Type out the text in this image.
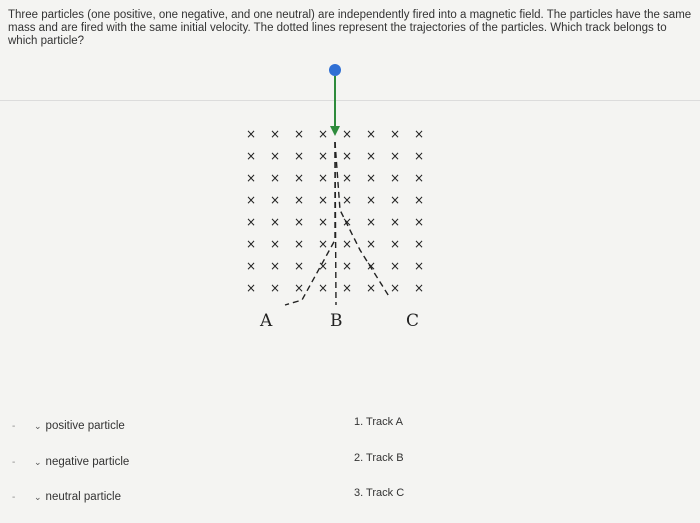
Three particles (one positive, one negative, and one neutral) are independently fired into a magnetic field. The particles have the same mass and are fired with the same initial velocity. The dotted lines represent the trajectories of the particles. Which track belongs to which particle?
× × × × × × × ×
× × × × × × × ×
× × × × × × × ×
× × × × × × × ×
× × × × × × × ×
× × × × × × × ×
× × × × × × × ×
× × × × × × × ×
A	B	C
-	⌄ positive particle	1. Track A
-	⌄ negative particle	2. Track B
-	⌄ neutral particle	3. Track C
